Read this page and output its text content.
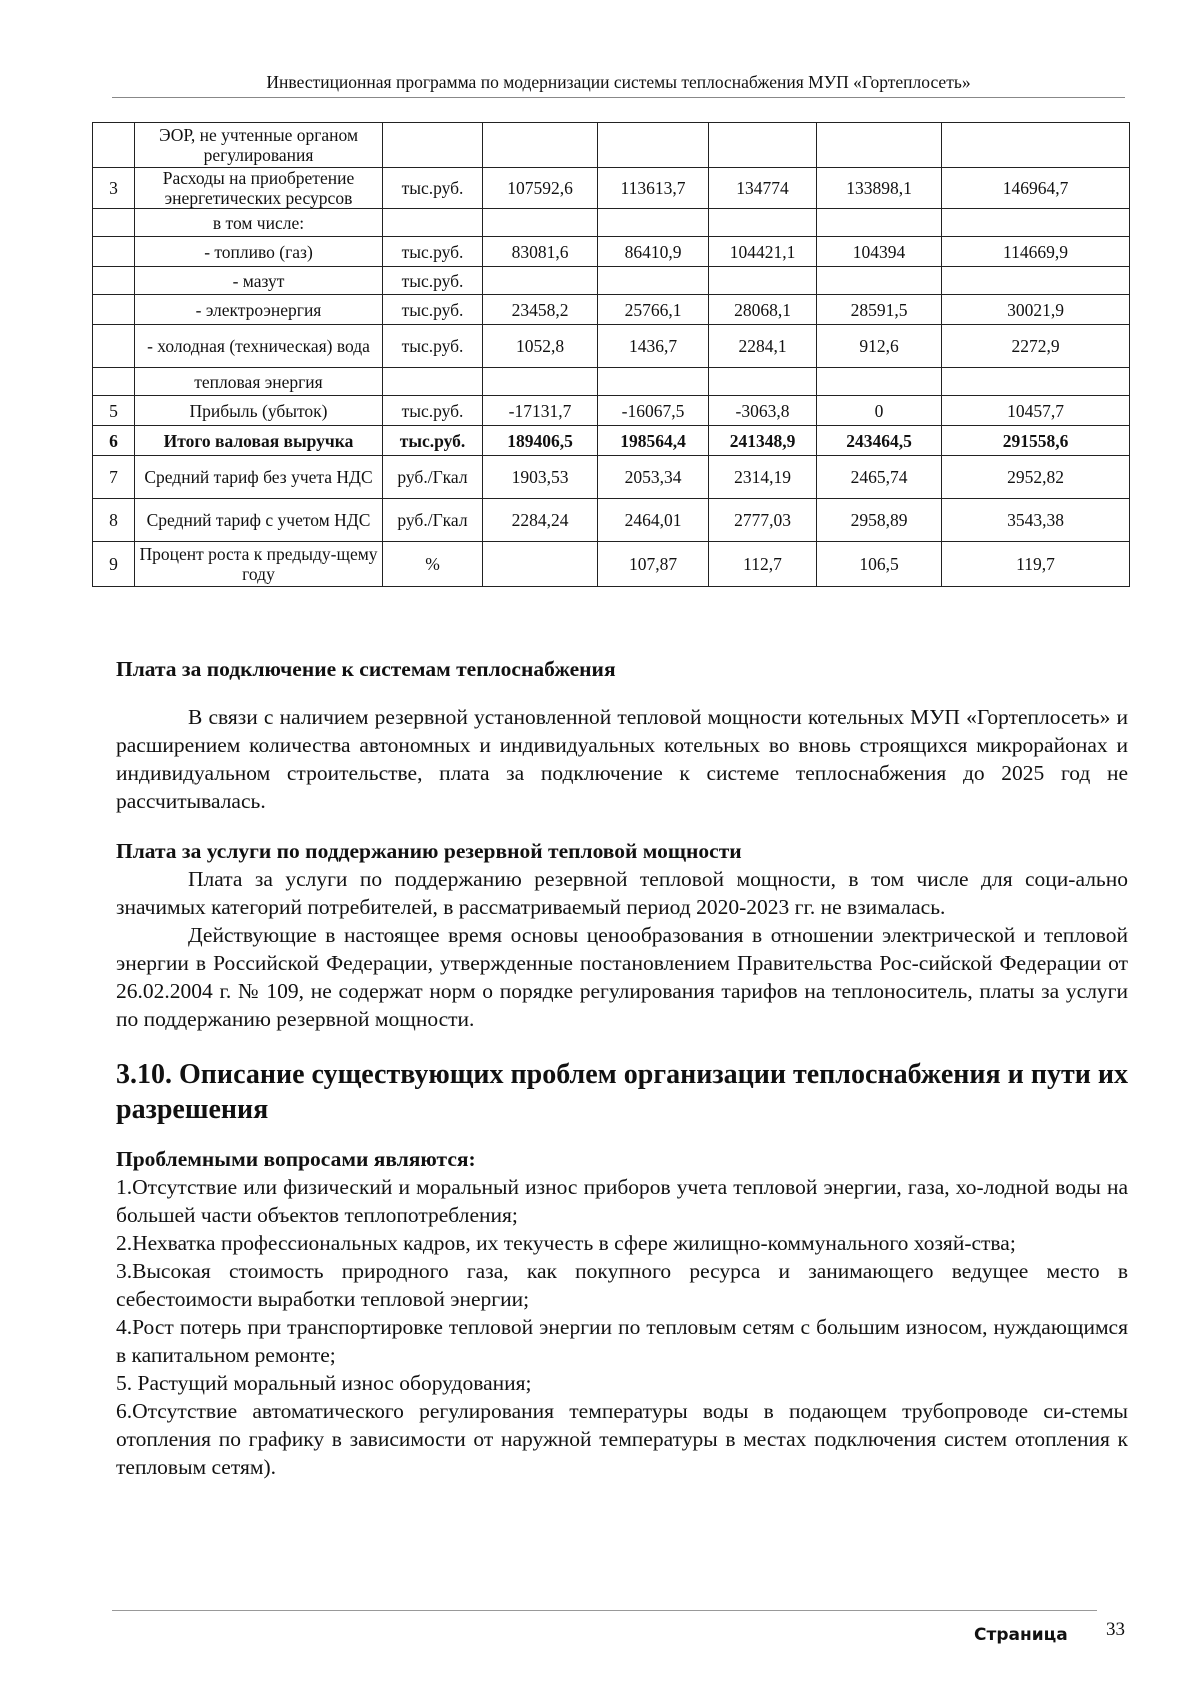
Инвестиционная программа по модернизации системы теплоснабжения МУП «Гортеплосеть»
	ЭОР, не учтенные органом регулирования						
3	Расходы на приобретение энергетических ресурсов	тыс.руб.	107592,6	113613,7	134774	133898,1	146964,7
	в том числе:						
	- топливо (газ)	тыс.руб.	83081,6	86410,9	104421,1	104394	114669,9
	- мазут	тыс.руб.					
	- электроэнергия	тыс.руб.	23458,2	25766,1	28068,1	28591,5	30021,9
	- холодная (техническая) вода	тыс.руб.	1052,8	1436,7	2284,1	912,6	2272,9
	тепловая энергия						
5	Прибыль (убыток)	тыс.руб.	-17131,7	-16067,5	-3063,8	0	10457,7
6	Итого валовая выручка	тыс.руб.	189406,5	198564,4	241348,9	243464,5	291558,6
7	Средний тариф без учета НДС	руб./Гкал	1903,53	2053,34	2314,19	2465,74	2952,82
8	Средний тариф с учетом НДС	руб./Гкал	2284,24	2464,01	2777,03	2958,89	3543,38
9	Процент роста к предыду-щему году	%		107,87	112,7	106,5	119,7

Плата за подключение к системам теплоснабжения

В связи с наличием резервной установленной тепловой мощности котельных МУП «Гортеплосеть» и расширением количества автономных и индивидуальных котельных во вновь строящихся микрорайонах и индивидуальном строительстве, плата за подключение к системе теплоснабжения до 2025 год не рассчитывалась.

Плата за услуги по поддержанию резервной тепловой мощности

Плата за услуги по поддержанию резервной тепловой мощности, в том числе для соци-ально значимых категорий потребителей, в рассматриваемый период 2020-2023 гг. не взималась.

Действующие в настоящее время основы ценообразования в отношении электрической и тепловой энергии в Российской Федерации, утвержденные постановлением Правительства Рос-сийской Федерации от 26.02.2004 г. № 109, не содержат норм о порядке регулирования тарифов на теплоноситель, платы за услуги по поддержанию резервной мощности.

3.10. Описание существующих проблем организации теплоснабжения и пути их разрешения

Проблемными вопросами являются:

1.Отсутствие или физический и моральный износ приборов учета тепловой энергии, газа, хо-лодной воды на большей части объектов теплопотребления;

2.Нехватка профессиональных кадров, их текучесть в сфере жилищно-коммунального хозяй-ства;

3.Высокая стоимость природного газа, как покупного ресурса и занимающего ведущее место в себестоимости выработки тепловой энергии;

4.Рост потерь при транспортировке тепловой энергии по тепловым сетям с большим износом, нуждающимся в капитальном ремонте;

5. Растущий моральный износ оборудования;

6.Отсутствие автоматического регулирования температуры воды в подающем трубопроводе си-стемы отопления по графику в зависимости от наружной температуры в местах подключения систем отопления к тепловым сетям).

Страница 33
